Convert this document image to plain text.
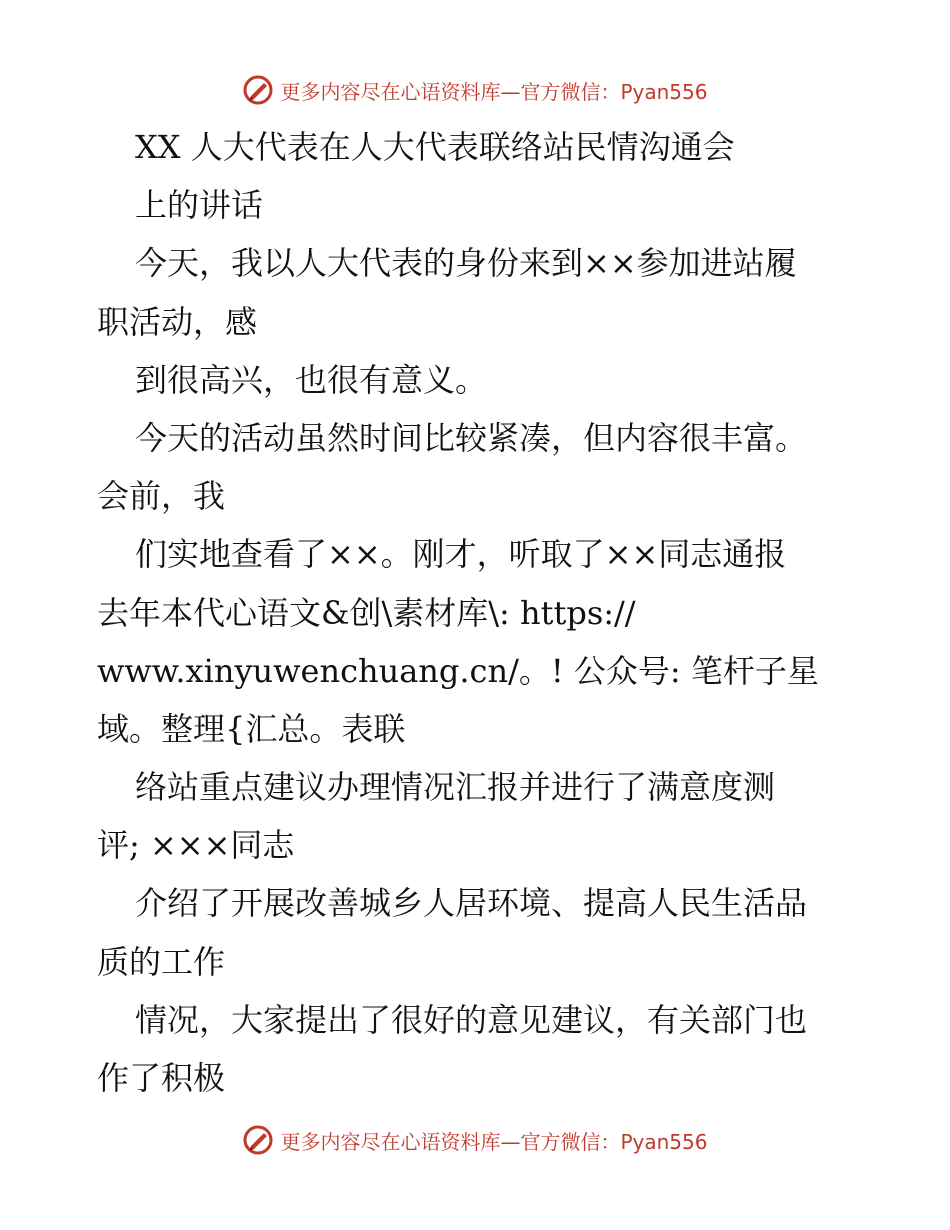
更多内容尽在心语资料库—官方微信：Pyan556
XX 人大代表在人大代表联络站民情沟通会
上的讲话
今天，我以人大代表的身份来到××参加进站履
职活动，感
到很高兴，也很有意义。
今天的活动虽然时间比较紧凑，但内容很丰富。
会前，我
们实地查看了××。刚才，听取了××同志通报
去年本代心语文&创\素材库\: https://
www.xinyuwenchuang.cn/。! 公众号: 笔杆子星
域。整理{汇总。表联
络站重点建议办理情况汇报并进行了满意度测
评; ×××同志
介绍了开展改善城乡人居环境、提高人民生活品
质的工作
情况，大家提出了很好的意见建议，有关部门也
作了积极
更多内容尽在心语资料库—官方微信：Pyan556
